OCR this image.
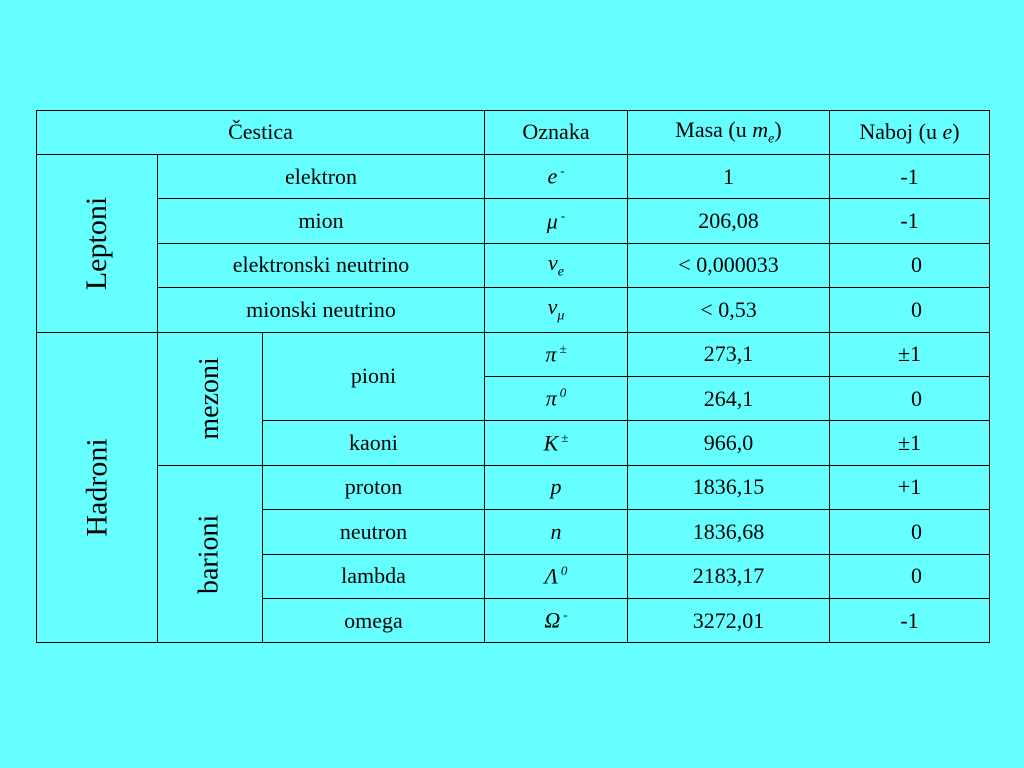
Čestica			Oznaka	Masa (u $m_e$)	Naboj (u e)
Leptoni	elektron		e -	1	-1
	mion		μ -	206,08	-1
	elektronski neutrino		$\nu_e$	< 0,000033	0
	mionski neutrino		$\nu_\mu$	< 0,53	0
Hadroni	mezoni	pioni	π ±	273,1	±1
			π $^0$	264,1	0
		kaoni	K ±	966,0	±1
	barioni	proton	p	1836,15	+1
		neutron	n	1836,68	0
		lambda	Λ $^0$	2183,17	0
		omega	Ω -	3272,01	-1
